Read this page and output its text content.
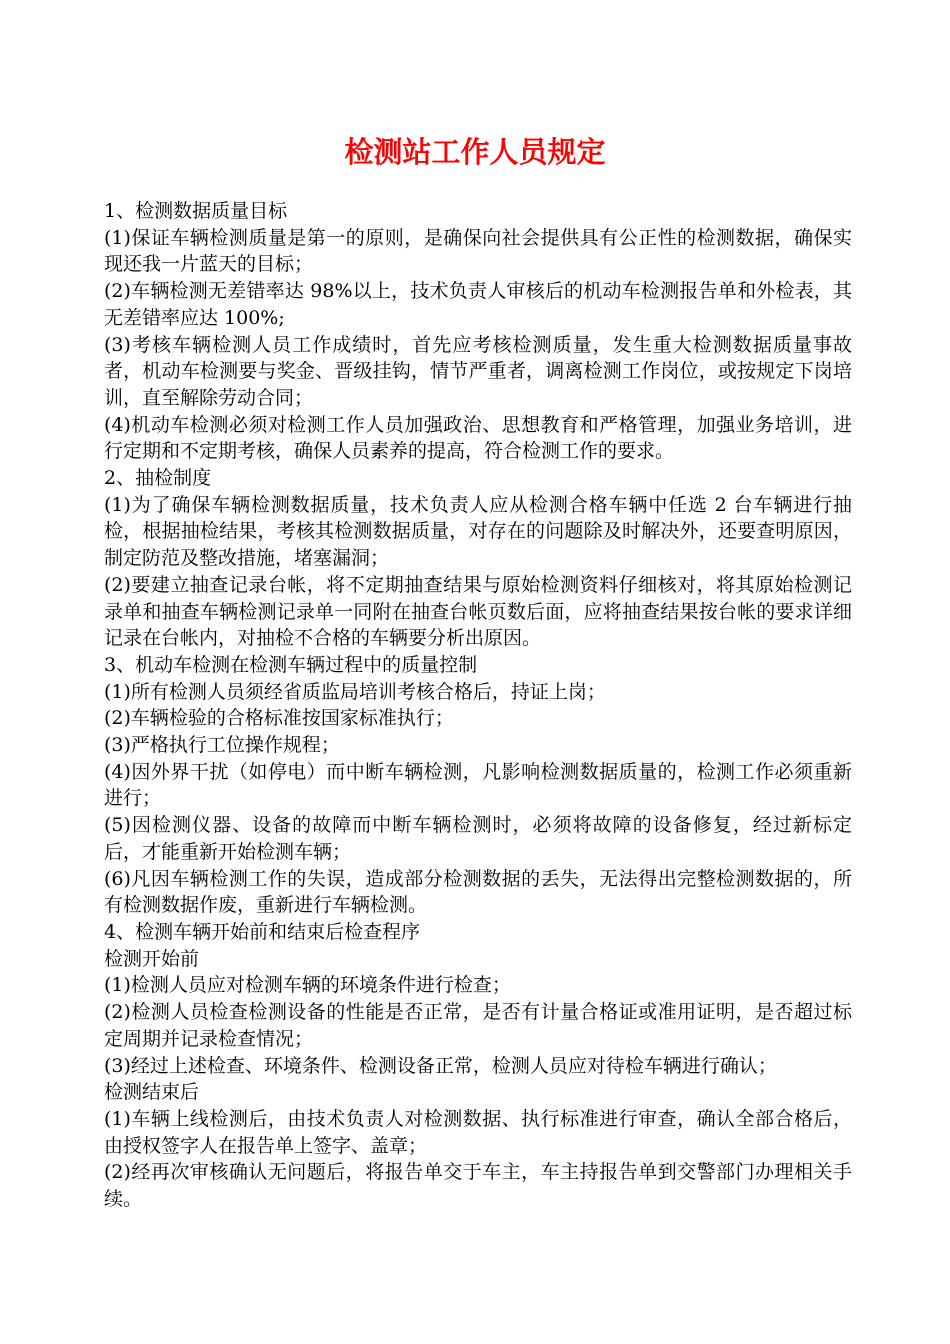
检测站工作人员规定

1、检测数据质量目标

(1)保证车辆检测质量是第一的原则，是确保向社会提供具有公正性的检测数据，确保实现还我一片蓝天的目标；

(2)车辆检测无差错率达 98%以上，技术负责人审核后的机动车检测报告单和外检表，其无差错率应达 100%;

(3)考核车辆检测人员工作成绩时，首先应考核检测质量，发生重大检测数据质量事故者，机动车检测要与奖金、晋级挂钩，情节严重者，调离检测工作岗位，或按规定下岗培训，直至解除劳动合同；

(4)机动车检测必须对检测工作人员加强政治、思想教育和严格管理，加强业务培训，进行定期和不定期考核，确保人员素养的提高，符合检测工作的要求。

2、抽检制度

(1)为了确保车辆检测数据质量，技术负责人应从检测合格车辆中任选 2 台车辆进行抽检，根据抽检结果，考核其检测数据质量，对存在的问题除及时解决外，还要查明原因，制定防范及整改措施，堵塞漏洞；

(2)要建立抽查记录台帐，将不定期抽查结果与原始检测资料仔细核对，将其原始检测记录单和抽查车辆检测记录单一同附在抽查台帐页数后面，应将抽查结果按台帐的要求详细记录在台帐内，对抽检不合格的车辆要分析出原因。

3、机动车检测在检测车辆过程中的质量控制

(1)所有检测人员须经省质监局培训考核合格后，持证上岗；

(2)车辆检验的合格标准按国家标准执行；

(3)严格执行工位操作规程；

(4)因外界干扰（如停电）而中断车辆检测，凡影响检测数据质量的，检测工作必须重新进行；

(5)因检测仪器、设备的故障而中断车辆检测时，必须将故障的设备修复，经过新标定后，才能重新开始检测车辆；

(6)凡因车辆检测工作的失误，造成部分检测数据的丢失，无法得出完整检测数据的，所有检测数据作废，重新进行车辆检测。

4、检测车辆开始前和结束后检查程序

检测开始前

(1)检测人员应对检测车辆的环境条件进行检查；

(2)检测人员检查检测设备的性能是否正常，是否有计量合格证或准用证明，是否超过标定周期并记录检查情况；

(3)经过上述检查、环境条件、检测设备正常，检测人员应对待检车辆进行确认；

检测结束后

(1)车辆上线检测后，由技术负责人对检测数据、执行标准进行审查，确认全部合格后，由授权签字人在报告单上签字、盖章；

(2)经再次审核确认无问题后，将报告单交于车主，车主持报告单到交警部门办理相关手续。
